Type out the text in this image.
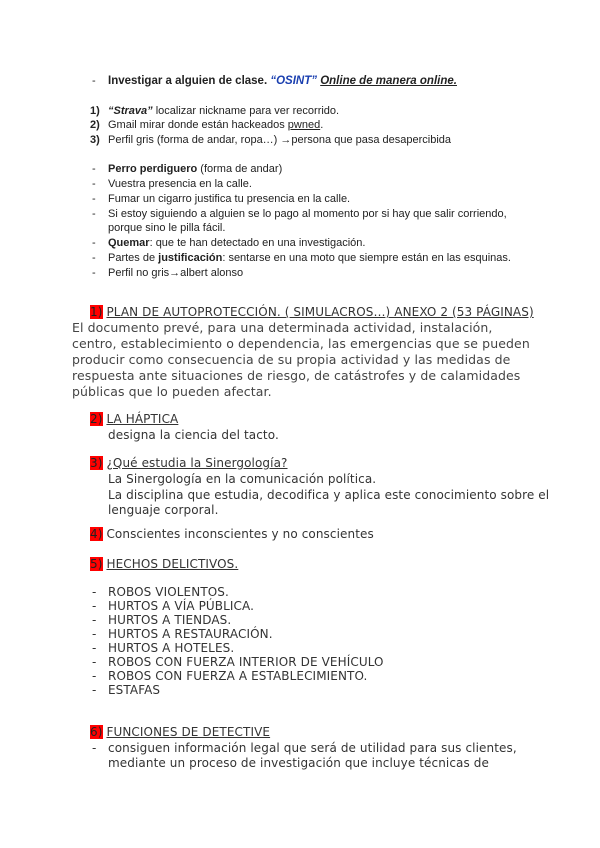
- Investigar a alguien de clase. “OSINT” Online de manera online.
1) “Strava” localizar nickname para ver recorrido.
2) Gmail mirar donde están hackeados pwned.
3) Perfil gris (forma de andar, ropa…) →persona que pasa desapercibida
- Perro perdiguero (forma de andar)
- Vuestra presencia en la calle.
- Fumar un cigarro justifica tu presencia en la calle.
- Si estoy siguiendo a alguien se lo pago al momento por si hay que salir corriendo,
porque sino le pilla fácil.
- Quemar: que te han detectado en una investigación.
- Partes de justificación: sentarse en una moto que siempre están en las esquinas.
- Perfil no gris→albert alonso
1) PLAN DE AUTOPROTECCIÓN. ( SIMULACROS…) ANEXO 2 (53 PÁGINAS)
El documento prevé, para una determinada actividad, instalación,
centro, establecimiento o dependencia, las emergencias que se pueden
producir como consecuencia de su propia actividad y las medidas de
respuesta ante situaciones de riesgo, de catástrofes y de calamidades
públicas que lo pueden afectar.
2) LA HÁPTICA
designa la ciencia del tacto.
3) ¿Qué estudia la Sinergología?
La Sinergología en la comunicación política.
La disciplina que estudia, decodifica y aplica este conocimiento sobre el
lenguaje corporal.
4) Conscientes inconscientes y no conscientes
5) HECHOS DELICTIVOS.
- ROBOS VIOLENTOS.
- HURTOS A VÍA PÚBLICA.
- HURTOS A TIENDAS.
- HURTOS A RESTAURACIÓN.
- HURTOS A HOTELES.
- ROBOS CON FUERZA INTERIOR DE VEHÍCULO
- ROBOS CON FUERZA A ESTABLECIMIENTO.
- ESTAFAS
6) FUNCIONES DE DETECTIVE
- consiguen información legal que será de utilidad para sus clientes,
mediante un proceso de investigación que incluye técnicas de
